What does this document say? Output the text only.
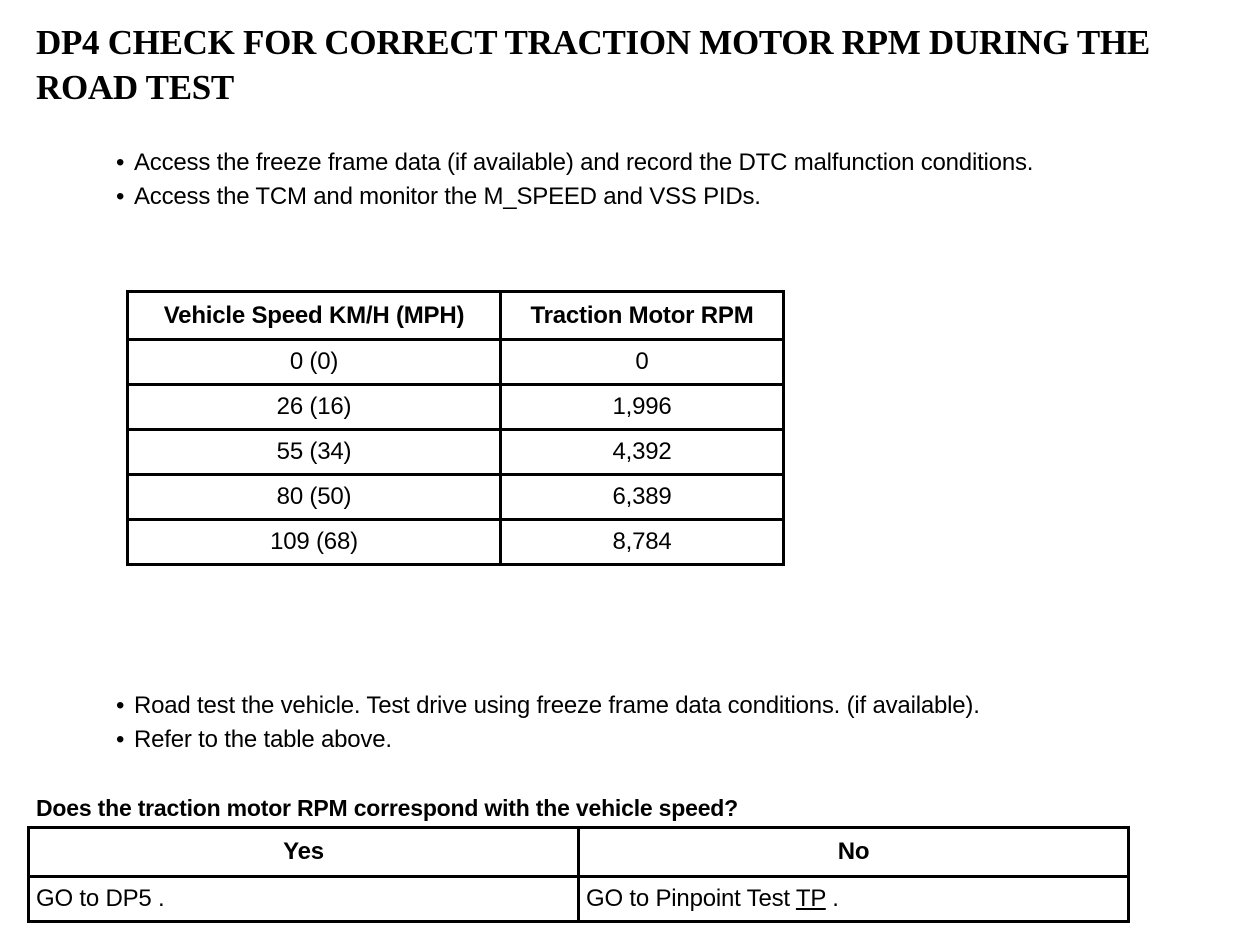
DP4 CHECK FOR CORRECT TRACTION MOTOR RPM DURING THE ROAD TEST
• Access the freeze frame data (if available) and record the DTC malfunction conditions.
• Access the TCM and monitor the M_SPEED and VSS PIDs.
Vehicle Speed KM/H (MPH)	Traction Motor RPM
0 (0)	0
26 (16)	1,996
55 (34)	4,392
80 (50)	6,389
109 (68)	8,784
• Road test the vehicle. Test drive using freeze frame data conditions. (if available).
• Refer to the table above.

Does the traction motor RPM correspond with the vehicle speed?

Yes	No
GO to DP5 .	GO to Pinpoint Test TP .
